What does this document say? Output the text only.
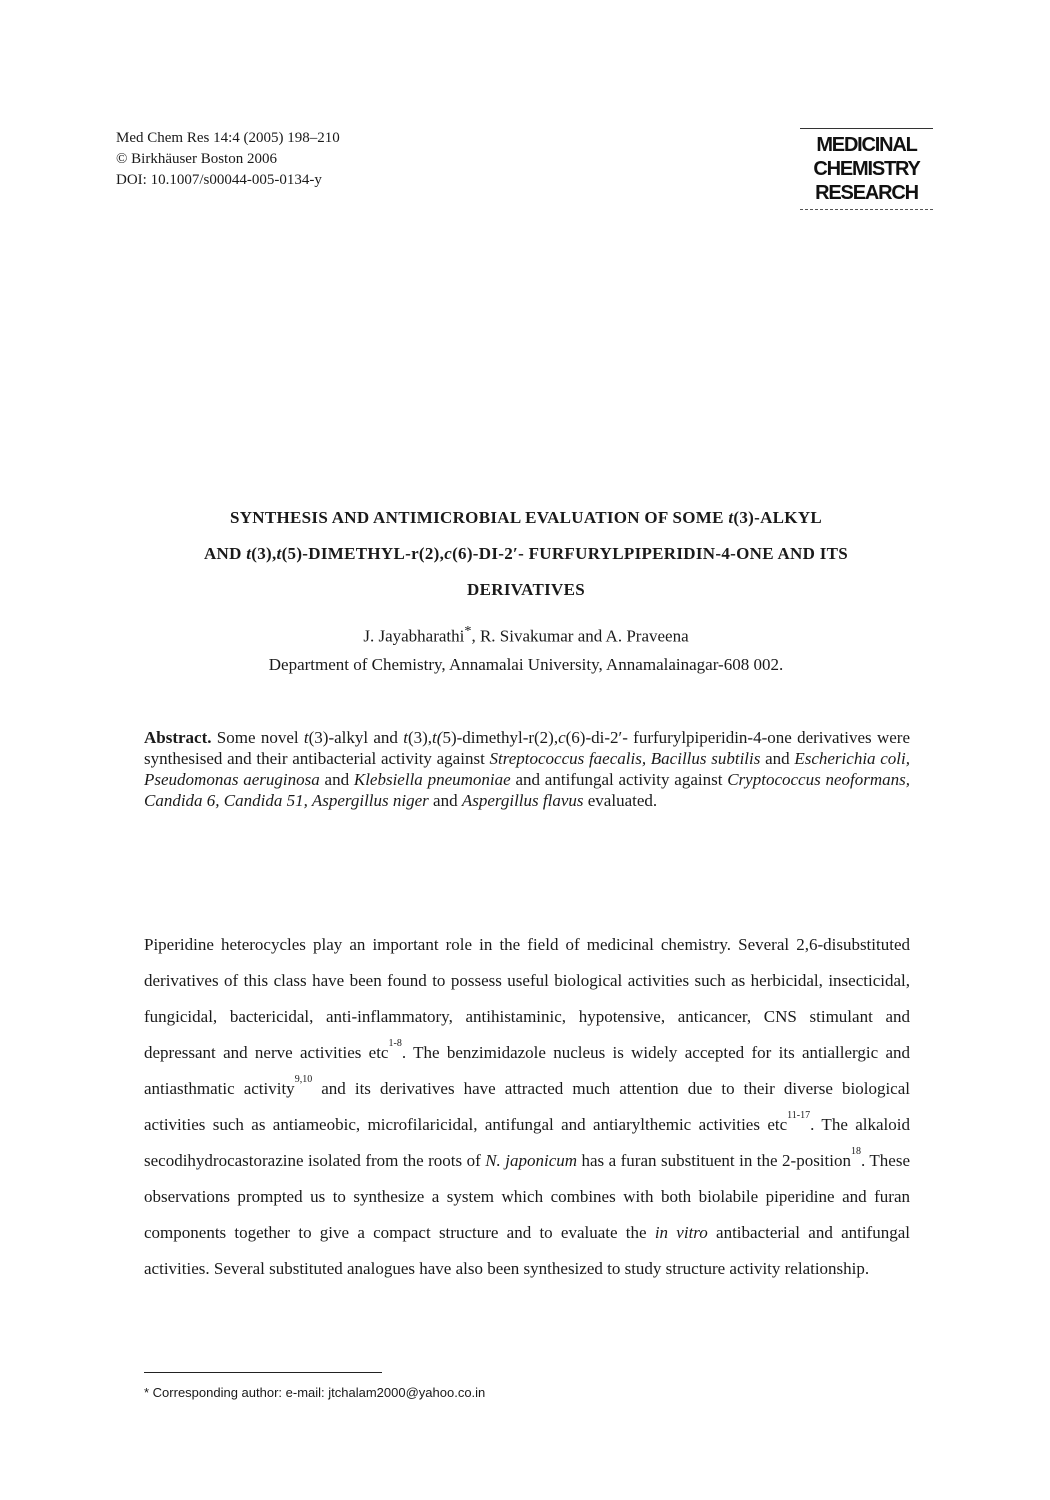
Med Chem Res 14:4 (2005) 198–210
© Birkhäuser Boston 2006
DOI: 10.1007/s00044-005-0134-y
MEDICINAL
CHEMISTRY
RESEARCH
SYNTHESIS AND ANTIMICROBIAL EVALUATION OF SOME t(3)-ALKYL
AND t(3),t(5)-DIMETHYL-r(2),c(6)-DI-2′- FURFURYLPIPERIDIN-4-ONE AND ITS
DERIVATIVES
J. Jayabharathi*, R. Sivakumar and A. Praveena
Department of Chemistry, Annamalai University, Annamalainagar-608 002.
Abstract. Some novel t(3)-alkyl and t(3),t(5)-dimethyl-r(2),c(6)-di-2′- furfurylpiperidin-4-one derivatives were synthesised and their antibacterial activity against Streptococcus faecalis, Bacillus subtilis and Escherichia coli, Pseudomonas aeruginosa and Klebsiella pneumoniae and antifungal activity against Cryptococcus neoformans, Candida 6, Candida 51, Aspergillus niger and Aspergillus flavus evaluated.
Piperidine heterocycles play an important role in the field of medicinal chemistry. Several 2,6-disubstituted derivatives of this class have been found to possess useful biological activities such as herbicidal, insecticidal, fungicidal, bactericidal, anti-inflammatory, antihistaminic, hypotensive, anticancer, CNS stimulant and depressant and nerve activities etc$^{1-8}$. The benzimidazole nucleus is widely accepted for its antiallergic and antiasthmatic activity$^{9,10}$ and its derivatives have attracted much attention due to their diverse biological activities such as antiameobic, microfilaricidal, antifungal and antiarylthemic activities etc$^{11-17}$. The alkaloid secodihydrocastorazine isolated from the roots of N. japonicum has a furan substituent in the 2-position$^{18}$. These observations prompted us to synthesize a system which combines with both biolabile piperidine and furan components together to give a compact structure and to evaluate the in vitro antibacterial and antifungal activities. Several substituted analogues have also been synthesized to study structure activity relationship.
* Corresponding author: e-mail: jtchalam2000@yahoo.co.in
